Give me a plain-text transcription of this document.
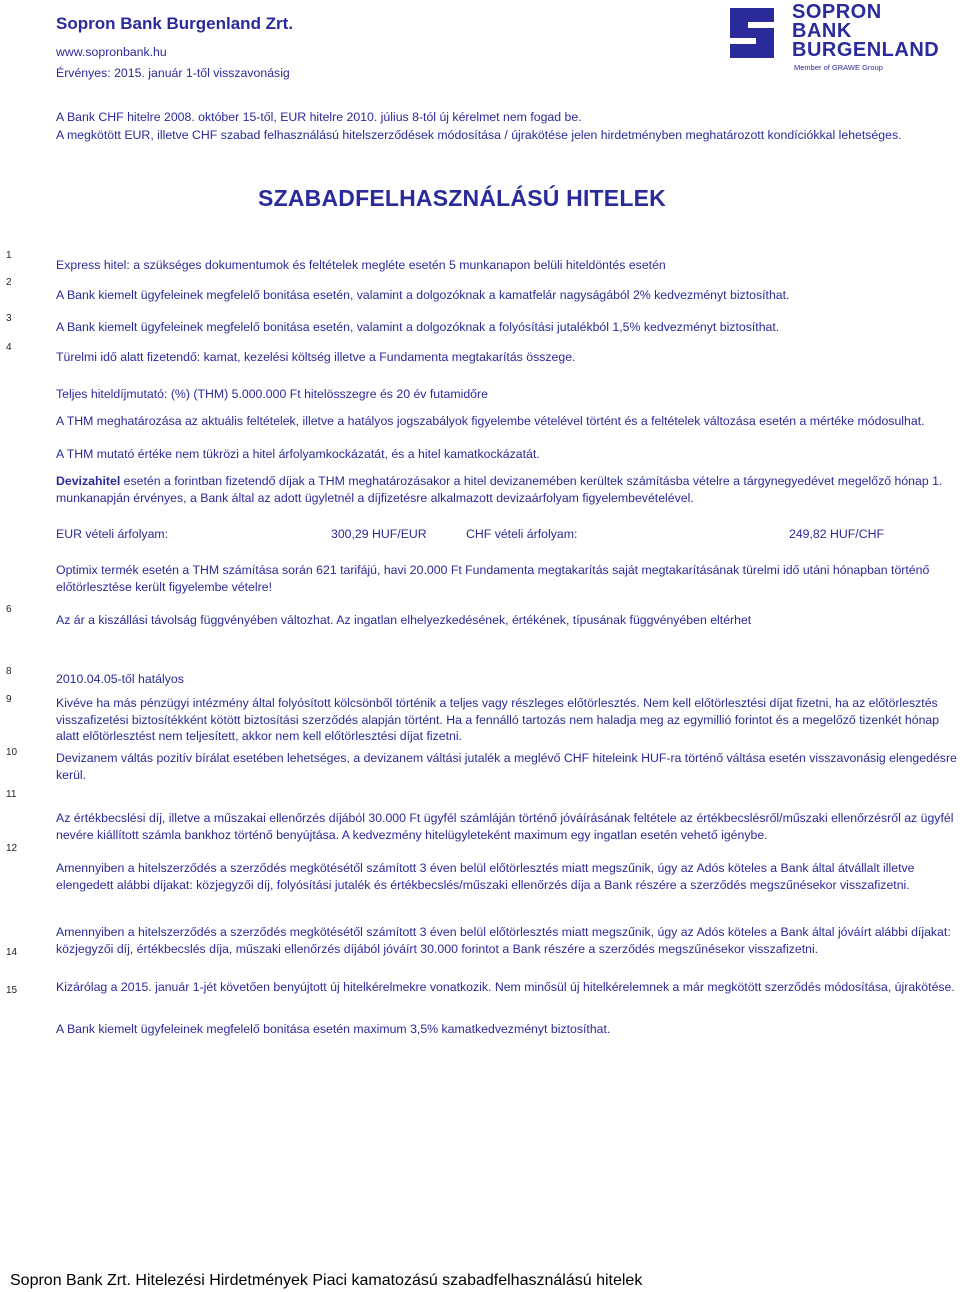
Sopron Bank Burgenland Zrt.
www.sopronbank.hu
Érvényes: 2015. január 1-től visszavonásig
SOPRON
BANK
BURGENLAND
Member of GRAWE Group
A Bank CHF hitelre 2008. október 15-től, EUR hitelre 2010. július 8-tól új kérelmet nem fogad be.
A megkötött EUR, illetve CHF szabad felhasználású hitelszerződések módosítása / újrakötése jelen hirdetményben meghatározott kondíciókkal lehetséges.
SZABADFELHASZNÁLÁSÚ HITELEK
1
2
3
4
6
8
9
10
11
12
14
15
Express hitel: a szükséges dokumentumok és feltételek megléte esetén 5 munkanapon belüli hiteldöntés esetén
A Bank kiemelt ügyfeleinek megfelelő bonitása esetén, valamint a dolgozóknak a kamatfelár nagyságából 2% kedvezményt biztosíthat.
A Bank kiemelt ügyfeleinek megfelelő bonitása esetén, valamint a dolgozóknak a folyósítási jutalékból 1,5% kedvezményt biztosíthat.
Türelmi idő alatt fizetendő: kamat, kezelési költség illetve a Fundamenta megtakarítás összege.
Teljes hiteldíjmutató: (%) (THM) 5.000.000 Ft hitelösszegre és 20 év futamidőre
A THM meghatározása az aktuális feltételek, illetve a hatályos jogszabályok figyelembe vételével történt és a feltételek változása esetén a mértéke módosulhat.
A THM mutató értéke nem tükrözi a hitel árfolyamkockázatát, és a hitel kamatkockázatát.
Devizahitel esetén a forintban fizetendő díjak a THM meghatározásakor a hitel devizanemében kerültek számításba vételre a tárgynegyedévet megelőző hónap 1. munkanapján érvényes, a Bank által az adott ügyletnél a díjfizetésre alkalmazott devizaárfolyam figyelembevételével.
EUR vételi árfolyam:	300,29 HUF/EUR	CHF vételi árfolyam:	249,82 HUF/CHF
Optimix termék esetén a THM számítása során 621 tarifájú, havi 20.000 Ft Fundamenta megtakarítás saját megtakarításának türelmi idő utáni hónapban történő előtörlesztése került figyelembe vételre!
Az ár a kiszállási távolság függvényében változhat. Az ingatlan elhelyezkedésének, értékének, típusának függvényében eltérhet
2010.04.05-től hatályos
Kivéve ha más pénzügyi intézmény által folyósított kölcsönből történik a teljes vagy részleges előtörlesztés. Nem kell előtörlesztési díjat fizetni, ha az előtörlesztés visszafizetési biztosítékként kötött biztosítási szerződés alapján történt. Ha a fennálló tartozás nem haladja meg az egymillió forintot és a megelőző tizenkét hónap alatt előtörlesztést nem teljesített, akkor nem kell előtörlesztési díjat fizetni.
Devizanem váltás pozitív bírálat esetében lehetséges, a devizanem váltási jutalék a meglévő CHF hiteleink HUF-ra történő váltása esetén visszavonásig elengedésre kerül.
Az értékbecslési díj, illetve a műszakai ellenőrzés díjából 30.000 Ft ügyfél számláján történő jóváírásának feltétele az értékbecslésről/műszaki ellenőrzésről az ügyfél nevére kiállított számla bankhoz történő benyújtása. A kedvezmény hitelügyleteként maximum egy ingatlan esetén vehető igénybe.
Amennyiben a hitelszerződés a szerződés megkötésétől számított 3 éven belül előtörlesztés miatt megszűnik, úgy az Adós köteles a Bank által átvállalt illetve elengedett alábbi díjakat: közjegyzői díj, folyósítási jutalék és értékbecslés/műszaki ellenőrzés díja a Bank részére a szerződés megszűnésekor visszafizetni.
Amennyiben a hitelszerződés a szerződés megkötésétől számított 3 éven belül előtörlesztés miatt megszűnik, úgy az Adós köteles a Bank által jóváírt alábbi díjakat: közjegyzői díj, értékbecslés díja, műszaki ellenőrzés díjából jóváírt 30.000 forintot a Bank részére a szerződés megszűnésekor visszafizetni.
Kizárólag a 2015. január 1-jét követően benyújtott új hitelkérelmekre vonatkozik. Nem minősül új hitelkérelemnek a már megkötött szerződés módosítása, újrakötése.
A Bank kiemelt ügyfeleinek megfelelő bonitása esetén maximum 3,5% kamatkedvezményt biztosíthat.
Sopron Bank Zrt. Hitelezési Hirdetmények Piaci kamatozású szabadfelhasználású hitelek
